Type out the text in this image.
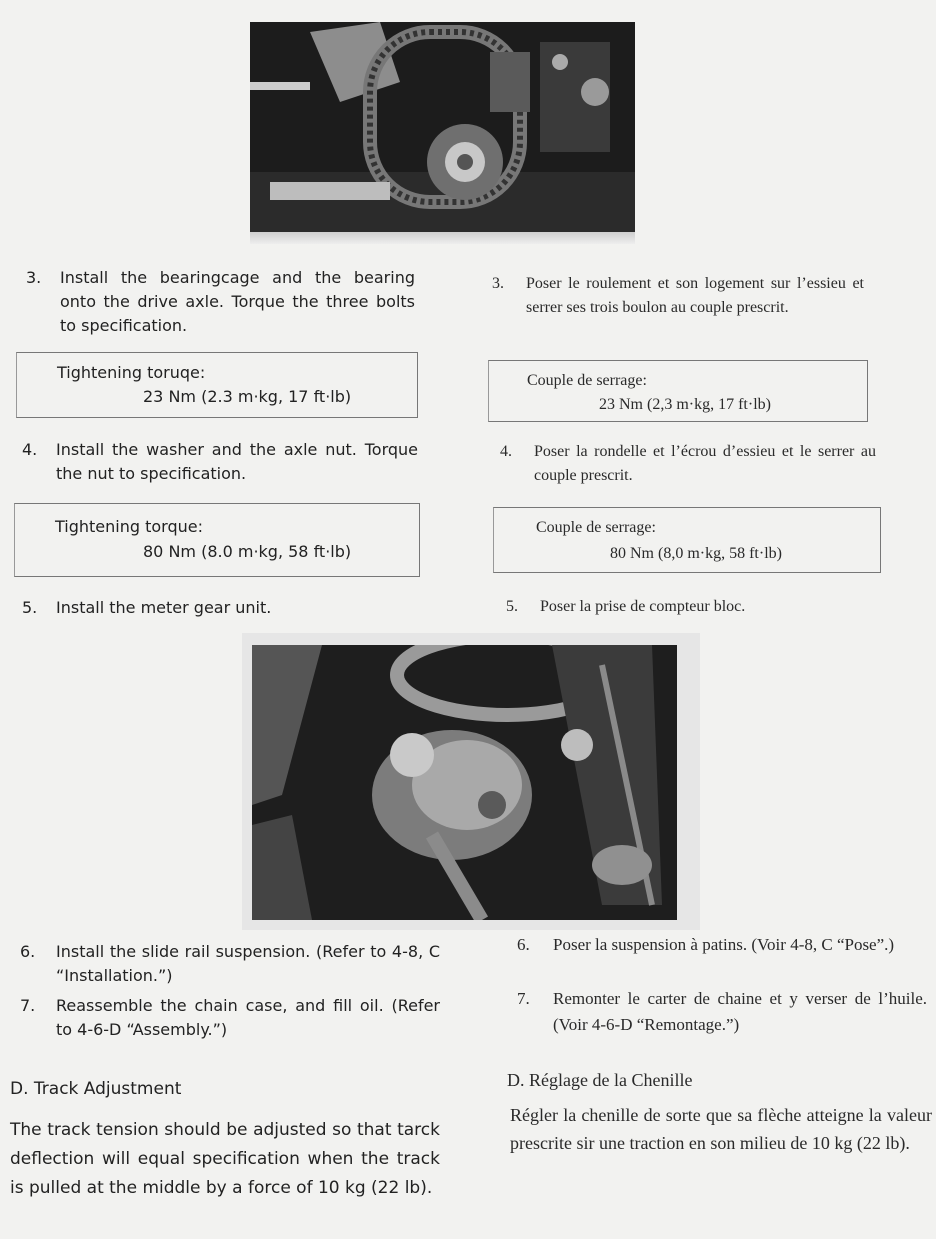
3. Install the bearingcage and the bearing onto the drive axle. Torque the three bolts to specification.
Tightening toruqe:
23 Nm (2.3 m·kg, 17 ft·lb)
4. Install the washer and the axle nut. Torque the nut to specification.
Tightening torque:
80 Nm (8.0 m·kg, 58 ft·lb)
5. Install the meter gear unit.
6. Install the slide rail suspension. (Refer to 4-8, C “Installation.”)
7. Reassemble the chain case, and fill oil. (Refer to 4-6-D “Assembly.”)
D. Track Adjustment
The track tension should be adjusted so that tarck deflection will equal specification when the track is pulled at the middle by a force of 10 kg (22 lb).
3. Poser le roulement et son logement sur l’essieu et serrer ses trois boulon au couple prescrit.
Couple de serrage:
23 Nm (2,3 m·kg, 17 ft·lb)
4. Poser la rondelle et l’écrou d’essieu et le serrer au couple prescrit.
Couple de serrage:
80 Nm (8,0 m·kg, 58 ft·lb)
5. Poser la prise de compteur bloc.
6. Poser la suspension à patins. (Voir 4-8, C “Pose”.)
7. Remonter le carter de chaine et y verser de l’huile. (Voir 4-6-D “Remontage.”)
D. Réglage de la Chenille
Régler la chenille de sorte que sa flèche atteigne la valeur prescrite sir une traction en son milieu de 10 kg (22 lb).
